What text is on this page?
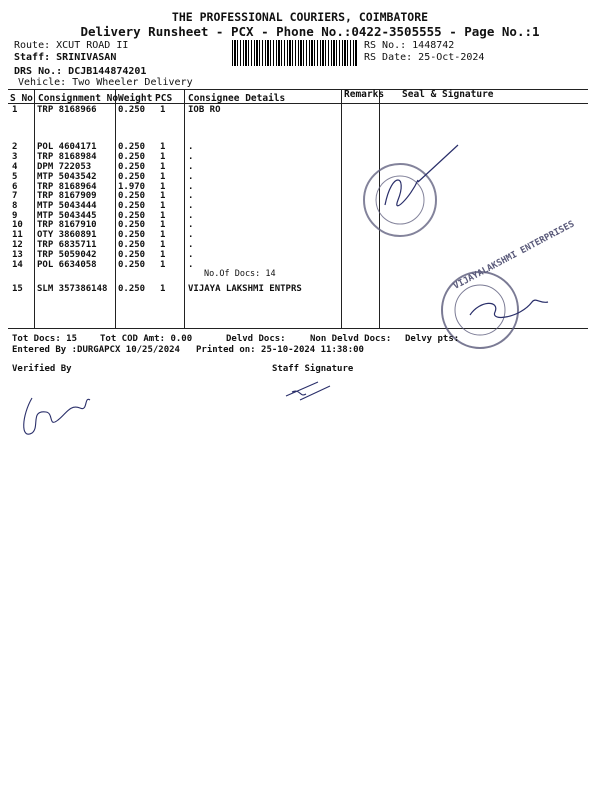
THE PROFESSIONAL COURIERS, COIMBATORE
Delivery Runsheet - PCX - Phone No.:0422-3505555 - Page No.:1
Route: XCUT ROAD II
Staff: SRINIVASAN
DRS No.: DCJB144874201
Vehicle: Two Wheeler Delivery
RS No.: 1448742
RS Date: 25-Oct-2024
S No Consignment No Weight PCS Consignee Details	Remarks Seal & Signature
1 TRP 8168966 0.250 1	IOB RO
2 POL 4604171 0.250 1	.
3 TRP 8168984 0.250 1	.
4 DPM 722053	0.250 1	.
5 MTP 5043542 0.250 1	.
6 TRP 8168964 1.970 1	.
7 TRP 8167909 0.250 1	.
8 MTP 5043444 0.250 1	.
9 MTP 5043445 0.250 1	.
10 TRP 8167910 0.250 1	.
11 OTY 3860891 0.250 1	.
12 TRP 6835711 0.250 1	.
13 TRP 5059042 0.250 1	.
14 POL 6634058 0.250 1	.
15 SLM 357386148 0.250 1	VIJAYA LAKSHMI ENTPRS
No.Of Docs: 14	VIJAYALAKSHMI ENTERPRISES
Tot Docs: 15	Tot COD Amt: 0.00	Delvd Docs:	Non Delvd Docs: Delvy pts:
Entered By :DURGAPCX 10/25/2024 Printed on: 25-10-2024 11:38:00
Verified By	Staff Signature
